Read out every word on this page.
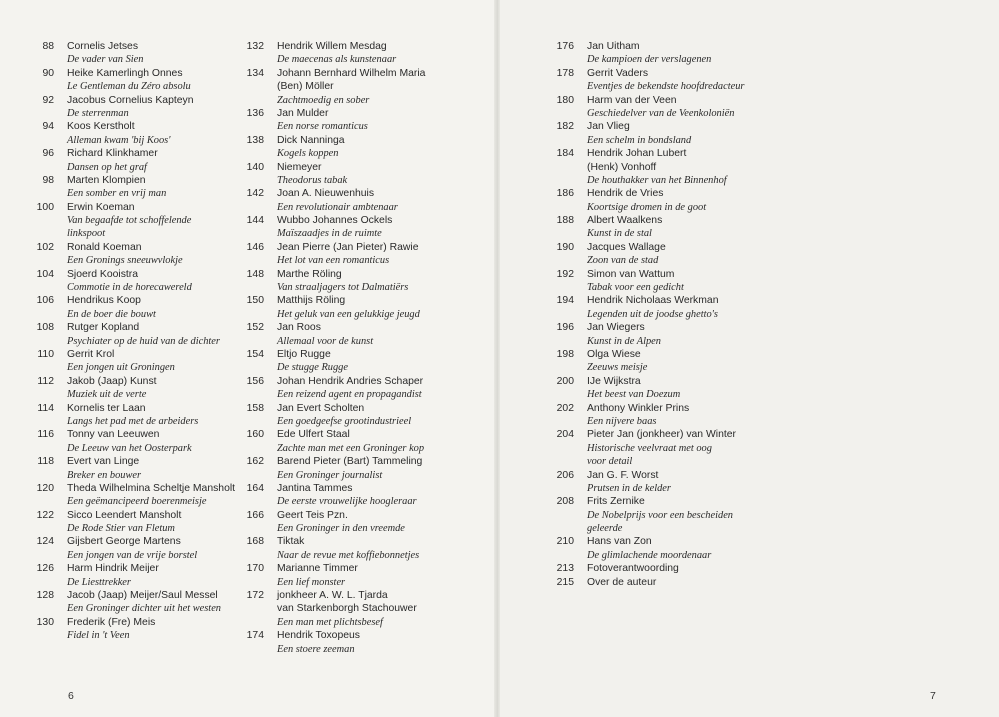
88 Cornelis Jetses
De vader van Sien
90 Heike Kamerlingh Onnes
Le Gentleman du Zéro absolu
92 Jacobus Cornelius Kapteyn
De sterrenman
94 Koos Kerstholt
Alleman kwam 'bij Koos'
96 Richard Klinkhamer
Dansen op het graf
98 Marten Klompien
Een somber en vrij man
100 Erwin Koeman
Van begaafde tot schoffelende
linkspoot
102 Ronald Koeman
Een Gronings sneeuwvlokje
104 Sjoerd Kooistra
Commotie in de horecawereld
106 Hendrikus Koop
En de boer die bouwt
108 Rutger Kopland
Psychiater op de huid van de dichter
110 Gerrit Krol
Een jongen uit Groningen
112 Jakob (Jaap) Kunst
Muziek uit de verte
114 Kornelis ter Laan
Langs het pad met de arbeiders
116 Tonny van Leeuwen
De Leeuw van het Oosterpark
118 Evert van Linge
Breker en bouwer
120 Theda Wilhelmina Scheltje Mansholt
Een geëmancipeerd boerenmeisje
122 Sicco Leendert Mansholt
De Rode Stier van Fletum
124 Gijsbert George Martens
Een jongen van de vrije borstel
126 Harm Hindrik Meijer
De Liesttrekker
128 Jacob (Jaap) Meijer/Saul Messel
Een Groninger dichter uit het westen
130 Frederik (Fre) Meis
Fidel in 't Veen
132 Hendrik Willem Mesdag
De maecenas als kunstenaar
134 Johann Bernhard Wilhelm Maria
(Ben) Möller
Zachtmoedig en sober
136 Jan Mulder
Een norse romanticus
138 Dick Nanninga
Kogels koppen
140 Niemeyer
Theodorus tabak
142 Joan A. Nieuwenhuis
Een revolutionair ambtenaar
144 Wubbo Johannes Ockels
Maïszaadjes in de ruimte
146 Jean Pierre (Jan Pieter) Rawie
Het lot van een romanticus
148 Marthe Röling
Van straaljagers tot Dalmatiërs
150 Matthijs Röling
Het geluk van een gelukkige jeugd
152 Jan Roos
Allemaal voor de kunst
154 Eltjo Rugge
De stugge Rugge
156 Johan Hendrik Andries Schaper
Een reizend agent en propagandist
158 Jan Evert Scholten
Een goedgeefse grootindustrieel
160 Ede Ulfert Staal
Zachte man met een Groninger kop
162 Barend Pieter (Bart) Tammeling
Een Groninger journalist
164 Jantina Tammes
De eerste vrouwelijke hoogleraar
166 Geert Teis Pzn.
Een Groninger in den vreemde
168 Tiktak
Naar de revue met koffiebonnetjes
170 Marianne Timmer
Een lief monster
172 jonkheer A. W. L. Tjarda
van Starkenborgh Stachouwer
Een man met plichtsbesef
174 Hendrik Toxopeus
Een stoere zeeman
176 Jan Uitham
De kampioen der verslagenen
178 Gerrit Vaders
Eventjes de bekendste hoofdredacteur
180 Harm van der Veen
Geschiedelver van de Veenkoloniën
182 Jan Vlieg
Een schelm in bondsland
184 Hendrik Johan Lubert
(Henk) Vonhoff
De houthakker van het Binnenhof
186 Hendrik de Vries
Koortsige dromen in de goot
188 Albert Waalkens
Kunst in de stal
190 Jacques Wallage
Zoon van de stad
192 Simon van Wattum
Tabak voor een gedicht
194 Hendrik Nicholaas Werkman
Legenden uit de joodse ghetto's
196 Jan Wiegers
Kunst in de Alpen
198 Olga Wiese
Zeeuws meisje
200 IJe Wijkstra
Het beest van Doezum
202 Anthony Winkler Prins
Een nijvere baas
204 Pieter Jan (jonkheer) van Winter
Historische veelvraat met oog
voor detail
206 Jan G. F. Worst
Prutsen in de kelder
208 Frits Zernike
De Nobelprijs voor een bescheiden
geleerde
210 Hans van Zon
De glimlachende moordenaar
213 Fotoverantwoording
215 Over de auteur
6	7
